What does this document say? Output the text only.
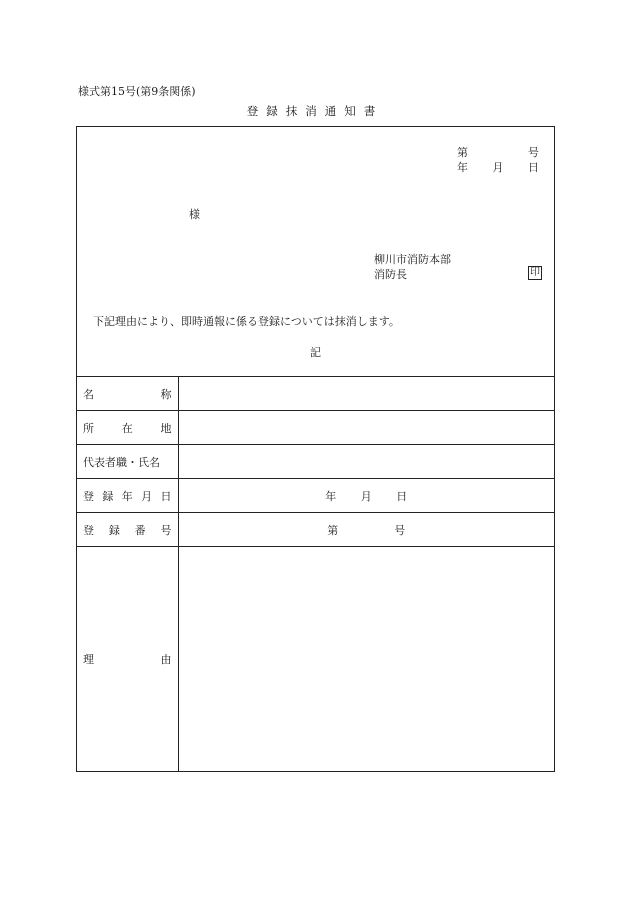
様式第15号(第9条関係)
登録抹消通知書
第	号
年 月 日
様
柳川市消防本部
消防長	印
下記理由により、即時通報に係る登録については抹消します。
記
名 称	

所 在 地	

代表者職・氏名	

登 録 年 月 日	年 月 日

登 録 番 号	第 号

理 由	
